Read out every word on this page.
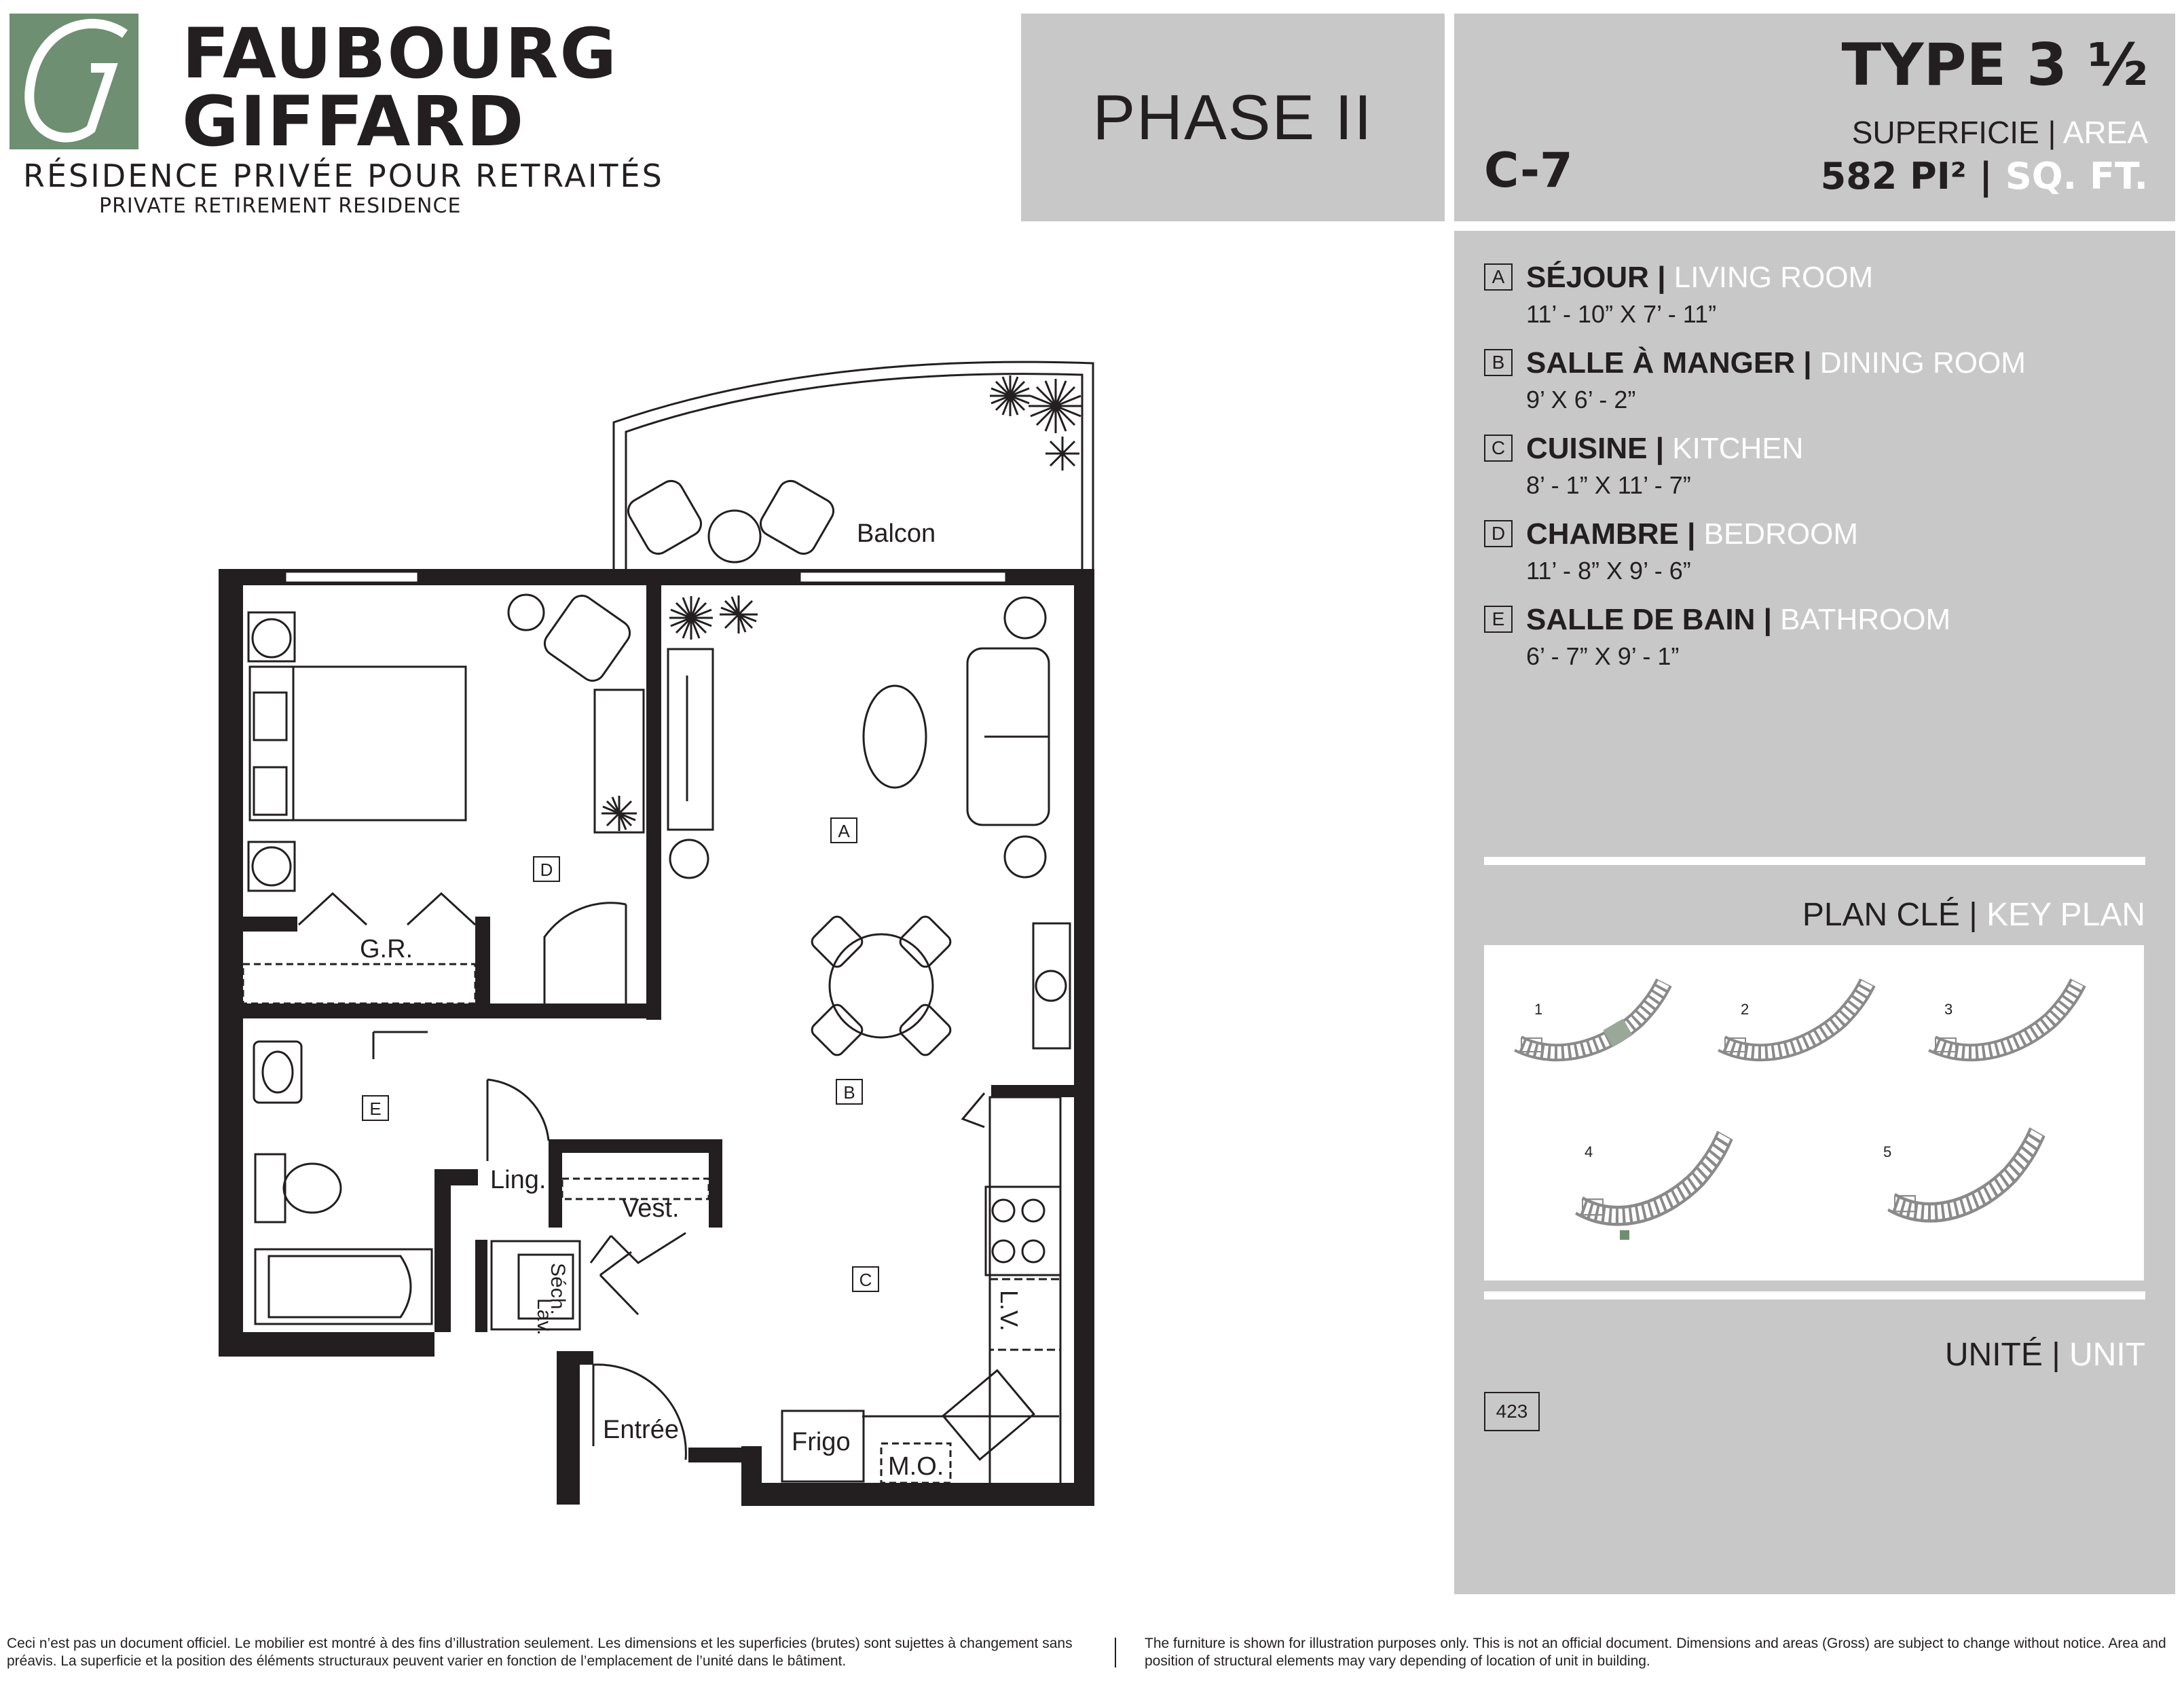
FAUBOURG
GIFFARD
RÉSIDENCE PRIVÉE POUR RETRAITÉS
PRIVATE RETIREMENT RESIDENCE
PHASE II
TYPE 3 ½
C-7
SUPERFICIE | AREA
582 PI² | SQ. FT.
A SÉJOUR | LIVING ROOM
11’ - 10” X 7’ - 11”
B SALLE À MANGER | DINING ROOM
9’ X 6’ - 2”
C CUISINE | KITCHEN
8’ - 1” X 11’ - 7”
D CHAMBRE | BEDROOM
11’ - 8” X 9’ - 6”
E SALLE DE BAIN | BATHROOM
6’ - 7” X 9’ - 1”
PLAN CLÉ | KEY PLAN
1	2	3
4	5
UNITÉ | UNIT
423
A
B
C
D
E
Balcon
G.R.
Ling.
Vest.
Entrée	Frigo
M.O.
Lav.
Séch.	L.V.
Ceci n’est pas un document officiel. Le mobilier est montré à des fins d’illustration seulement. Les dimensions et les superficies (brutes) sont sujettes à changement sans préavis. La superficie et la position des éléments structuraux peuvent varier en fonction de l’emplacement de l’unité dans le bâtiment.
The furniture is shown for illustration purposes only. This is not an official document. Dimensions and areas (Gross) are subject to change without notice. Area and position of structural elements may vary depending of location of unit in building.
